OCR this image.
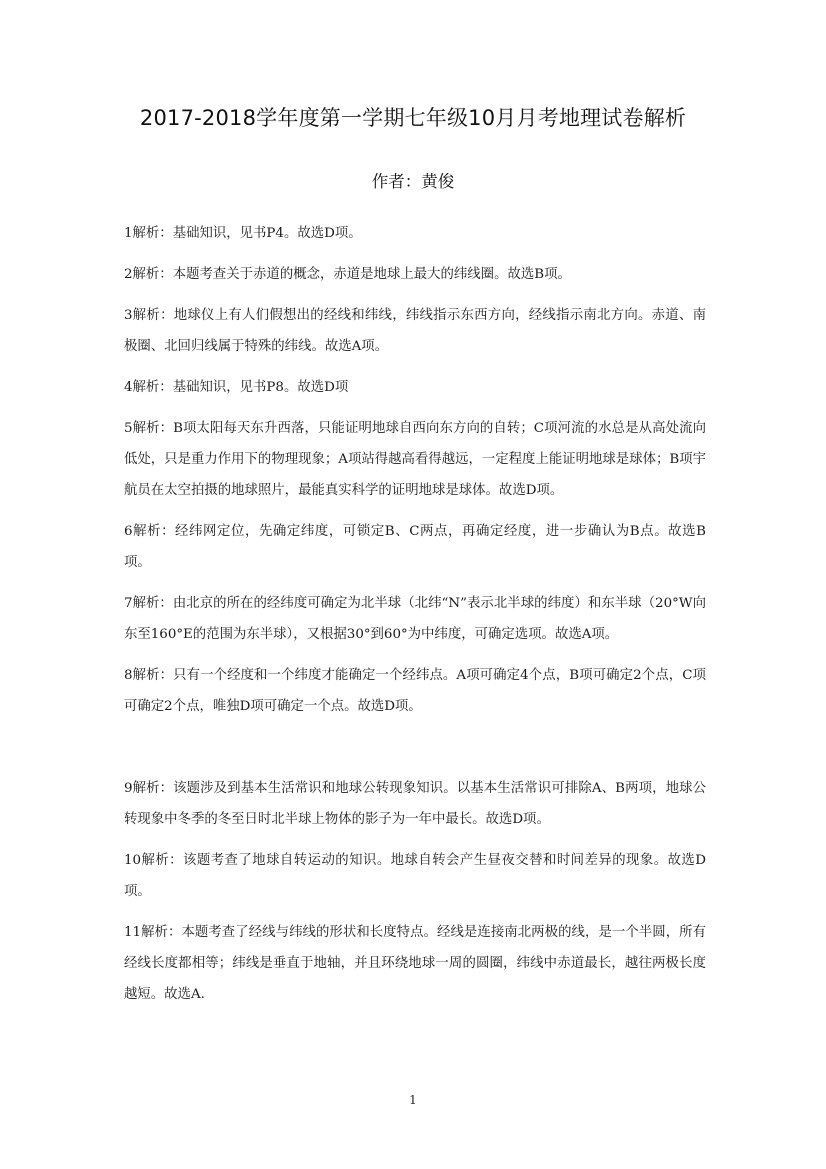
2017-2018学年度第一学期七年级10月月考地理试卷解析
作者：黄俊

1解析：基础知识，见书P4。故选D项。

2解析：本题考查关于赤道的概念，赤道是地球上最大的纬线圈。故选B项。

3解析：地球仪上有人们假想出的经线和纬线，纬线指示东西方向，经线指示南北方向。赤道、南极圈、北回归线属于特殊的纬线。故选A项。

4解析：基础知识，见书P8。故选D项

5解析：B项太阳每天东升西落，只能证明地球自西向东方向的自转；C项河流的水总是从高处流向低处，只是重力作用下的物理现象；A项站得越高看得越远，一定程度上能证明地球是球体；B项宇航员在太空拍摄的地球照片，最能真实科学的证明地球是球体。故选D项。

6解析：经纬网定位，先确定纬度，可锁定B、C两点，再确定经度，进一步确认为B点。故选B项。

7解析：由北京的所在的经纬度可确定为北半球（北纬“N”表示北半球的纬度）和东半球（20°W向东至160°E的范围为东半球），又根据30°到60°为中纬度，可确定选项。故选A项。

8解析：只有一个经度和一个纬度才能确定一个经纬点。A项可确定4个点，B项可确定2个点，C项可确定2个点，唯独D项可确定一个点。故选D项。

9解析：该题涉及到基本生活常识和地球公转现象知识。以基本生活常识可排除A、B两项，地球公转现象中冬季的冬至日时北半球上物体的影子为一年中最长。故选D项。

10解析：该题考查了地球自转运动的知识。地球自转会产生昼夜交替和时间差异的现象。故选D项。

11解析：本题考查了经线与纬线的形状和长度特点。经线是连接南北两极的线，是一个半圆，所有经线长度都相等；纬线是垂直于地轴，并且环绕地球一周的圆圈，纬线中赤道最长，越往两极长度越短。故选A.

1
